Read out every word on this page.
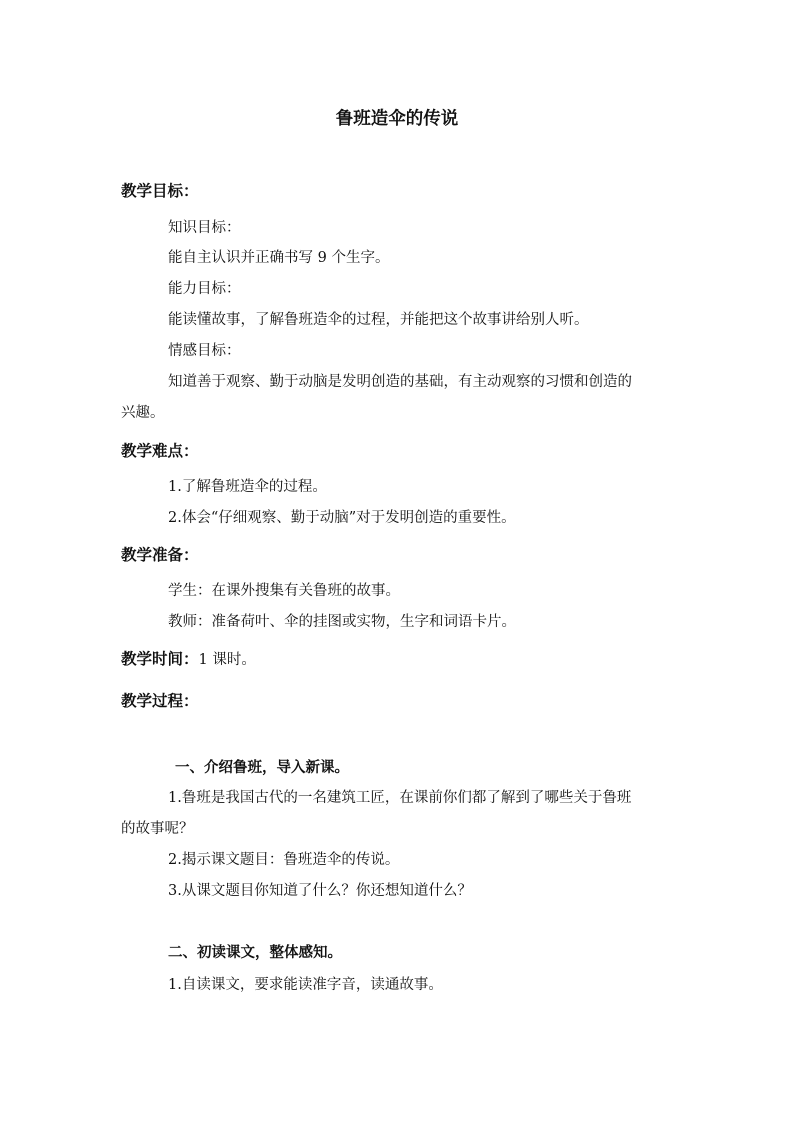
鲁班造伞的传说
教学目标：
知识目标：
能自主认识并正确书写 9 个生字。
能力目标：
能读懂故事，了解鲁班造伞的过程，并能把这个故事讲给别人听。
情感目标：
知道善于观察、勤于动脑是发明创造的基础，有主动观察的习惯和创造的
兴趣。
教学难点：
1.了解鲁班造伞的过程。
2.体会“仔细观察、勤于动脑”对于发明创造的重要性。
教学准备：
学生：在课外搜集有关鲁班的故事。
教师：准备荷叶、伞的挂图或实物，生字和词语卡片。
教学时间：1 课时。
教学过程：
一、介绍鲁班，导入新课。
1.鲁班是我国古代的一名建筑工匠，在课前你们都了解到了哪些关于鲁班
的故事呢？
2.揭示课文题目：鲁班造伞的传说。
3.从课文题目你知道了什么？你还想知道什么？
二、初读课文，整体感知。
1.自读课文，要求能读准字音，读通故事。
